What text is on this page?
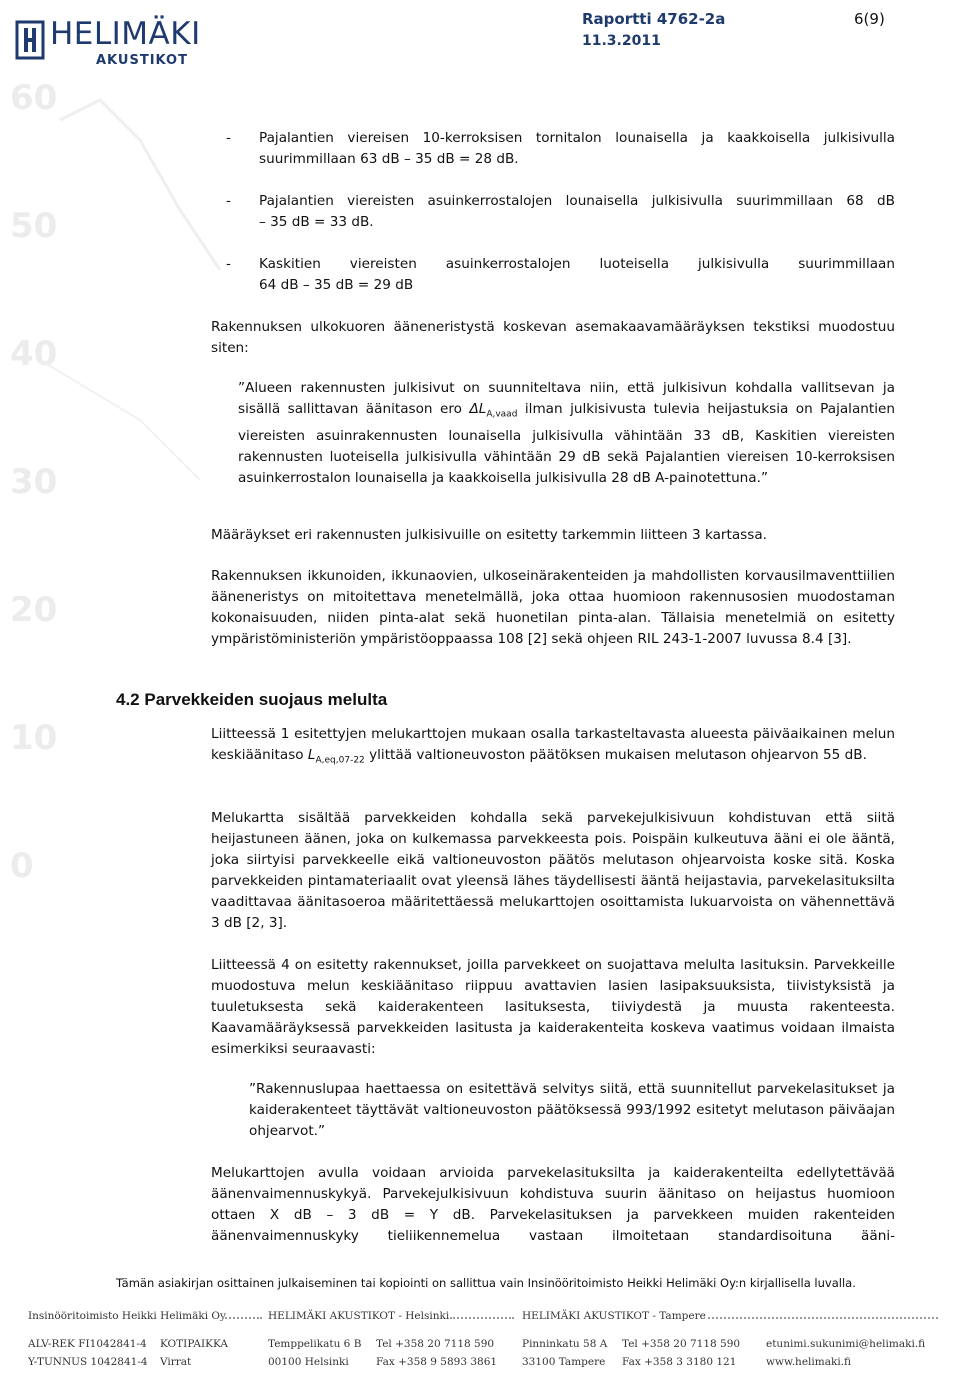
60
50
40
30
20
10
0
HELIMÄKI
AKUSTIKOT
Raportti 4762-2a
11.3.2011
6(9)
- Pajalantien viereisen 10-kerroksisen tornitalon lounaisella ja kaakkoisella julkisivulla
suurimmillaan 63 dB – 35 dB = 28 dB.
- Pajalantien viereisten asuinkerrostalojen lounaisella julkisivulla suurimmillaan 68 dB
– 35 dB = 33 dB.
- Kaskitien viereisten asuinkerrostalojen luoteisella julkisivulla suurimmillaan
64 dB – 35 dB = 29 dB
Rakennuksen ulkokuoren ääneneristystä koskevan asemakaavamääräyksen tekstiksi muodostuu siten:
”Alueen rakennusten julkisivut on suunniteltava niin, että julkisivun kohdalla vallitsevan ja sisällä sallittavan äänitason ero $\Delta L_{A,vaad}$ ilman julkisivusta tulevia heijastuksia on Pajalantien viereisten asuinrakennusten lounaisella julkisivulla vähintään 33 dB, Kaskitien viereisten rakennusten luoteisella julkisivulla vähintään 29 dB sekä Pajalantien viereisen 10-kerroksisen asuinkerrostalon lounaisella ja kaakkoisella julkisivulla 28 dB A-painotettuna.”
Määräykset eri rakennusten julkisivuille on esitetty tarkemmin liitteen 3 kartassa.
Rakennuksen ikkunoiden, ikkunaovien, ulkoseinärakenteiden ja mahdollisten korvausilmaventtiilien ääneneristys on mitoitettava menetelmällä, joka ottaa huomioon rakennusosien muodostaman kokonaisuuden, niiden pinta-alat sekä huonetilan pinta-alan. Tällaisia menetelmiä on esitetty ympäristöministeriön ympäristöoppaassa 108 [2] sekä ohjeen RIL 243-1-2007 luvussa 8.4 [3].
4.2 Parvekkeiden suojaus melulta
Liitteessä 1 esitettyjen melukarttojen mukaan osalla tarkasteltavasta alueesta päiväaikainen melun keskiäänitaso $L_{A,eq,07-22}$ ylittää valtioneuvoston päätöksen mukaisen melutason ohjearvon 55 dB.
Melukartta sisältää parvekkeiden kohdalla sekä parvekejulkisivuun kohdistuvan että siitä heijastuneen äänen, joka on kulkemassa parvekkeesta pois. Poispäin kulkeutuva ääni ei ole ääntä, joka siirtyisi parvekkeelle eikä valtioneuvoston päätös melutason ohjearvoista koske sitä. Koska parvekkeiden pintamateriaalit ovat yleensä lähes täydellisesti ääntä heijastavia, parvekelasituksilta vaadittavaa äänitasoeroa määritettäessä melukarttojen osoittamista lukuarvoista on vähennettävä 3 dB [2, 3].
Liitteessä 4 on esitetty rakennukset, joilla parvekkeet on suojattava melulta lasituksin. Parvekkeille muodostuva melun keskiäänitaso riippuu avattavien lasien lasipaksuuksista, tiivistyksistä ja tuuletuksesta sekä kaiderakenteen lasituksesta, tiiviydestä ja muusta rakenteesta. Kaavamääräyksessä parvekkeiden lasitusta ja kaiderakenteita koskeva vaatimus voidaan ilmaista esimerkiksi seuraavasti:
”Rakennuslupaa haettaessa on esitettävä selvitys siitä, että suunnitellut parvekelasitukset ja kaiderakenteet täyttävät valtioneuvoston päätöksessä 993/1992 esitetyt melutason päiväajan ohjearvot.”
Melukarttojen avulla voidaan arvioida parvekelasituksilta ja kaiderakenteilta edellytettävää äänenvaimennuskykyä. Parvekejulkisivuun kohdistuva suurin äänitaso on heijastus huomioon ottaen X dB – 3 dB = Y dB. Parvekelasituksen ja parvekkeen muiden rakenteiden äänenvaimennuskyky tieliikennemelua vastaan ilmoitetaan standardisoituna ääni-
Tämän asiakirjan osittainen julkaiseminen tai kopiointi on sallittua vain Insinööritoimisto Heikki Helimäki Oy:n kirjallisella luvalla.
Insinööritoimisto Heikki Helimäki Oy	HELIMÄKI AKUSTIKOT - Helsinki	HELIMÄKI AKUSTIKOT - Tampere
ALV-REK FI1042841-4
Y-TUNNUS 1042841-4
KOTIPAIKKA
Virrat
Temppelikatu 6 B
00100 Helsinki
Tel +358 20 7118 590
Fax +358 9 5893 3861
Pinninkatu 58 A
33100 Tampere
Tel +358 20 7118 590
Fax +358 3 3180 121
etunimi.sukunimi@helimaki.fi
www.helimaki.fi
